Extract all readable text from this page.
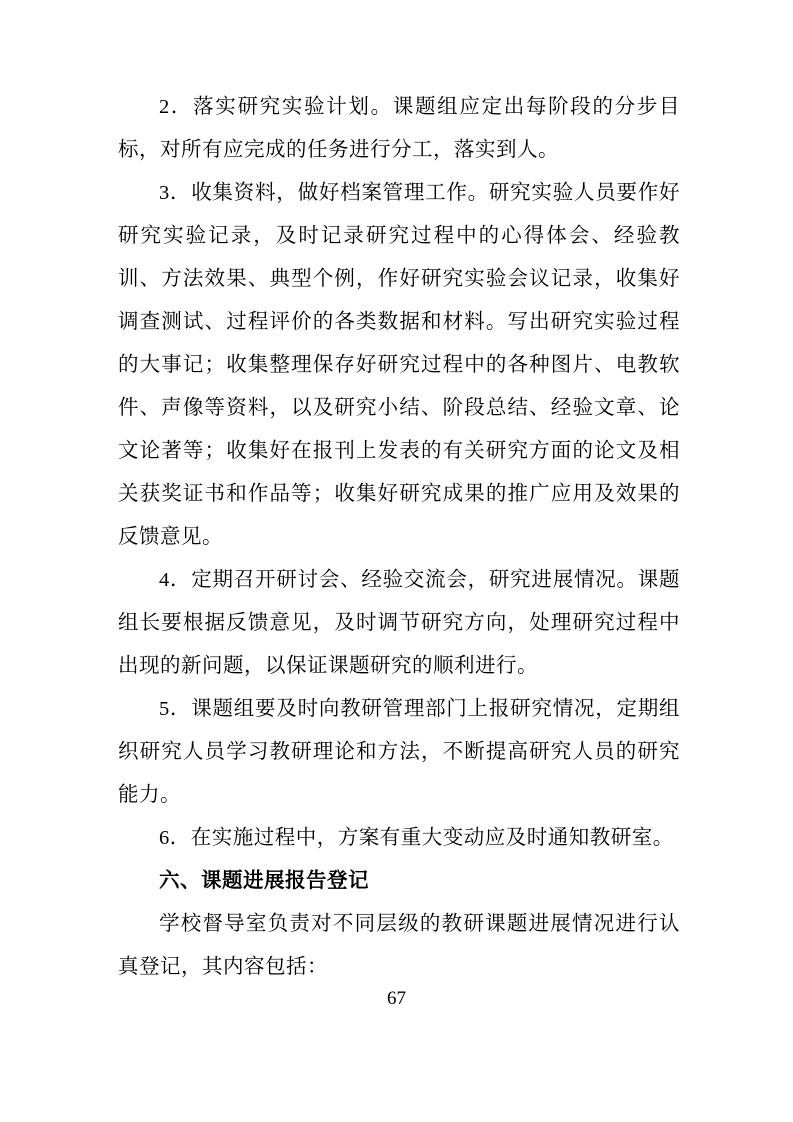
2．落实研究实验计划。课题组应定出每阶段的分步目标，对所有应完成的任务进行分工，落实到人。

3．收集资料，做好档案管理工作。研究实验人员要作好研究实验记录，及时记录研究过程中的心得体会、经验教训、方法效果、典型个例，作好研究实验会议记录，收集好调查测试、过程评价的各类数据和材料。写出研究实验过程的大事记；收集整理保存好研究过程中的各种图片、电教软件、声像等资料，以及研究小结、阶段总结、经验文章、论文论著等；收集好在报刊上发表的有关研究方面的论文及相关获奖证书和作品等；收集好研究成果的推广应用及效果的反馈意见。

4．定期召开研讨会、经验交流会，研究进展情况。课题组长要根据反馈意见，及时调节研究方向，处理研究过程中出现的新问题，以保证课题研究的顺利进行。

5．课题组要及时向教研管理部门上报研究情况，定期组织研究人员学习教研理论和方法，不断提高研究人员的研究能力。

6．在实施过程中，方案有重大变动应及时通知教研室。

六、课题进展报告登记

学校督导室负责对不同层级的教研课题进展情况进行认真登记，其内容包括：

67
